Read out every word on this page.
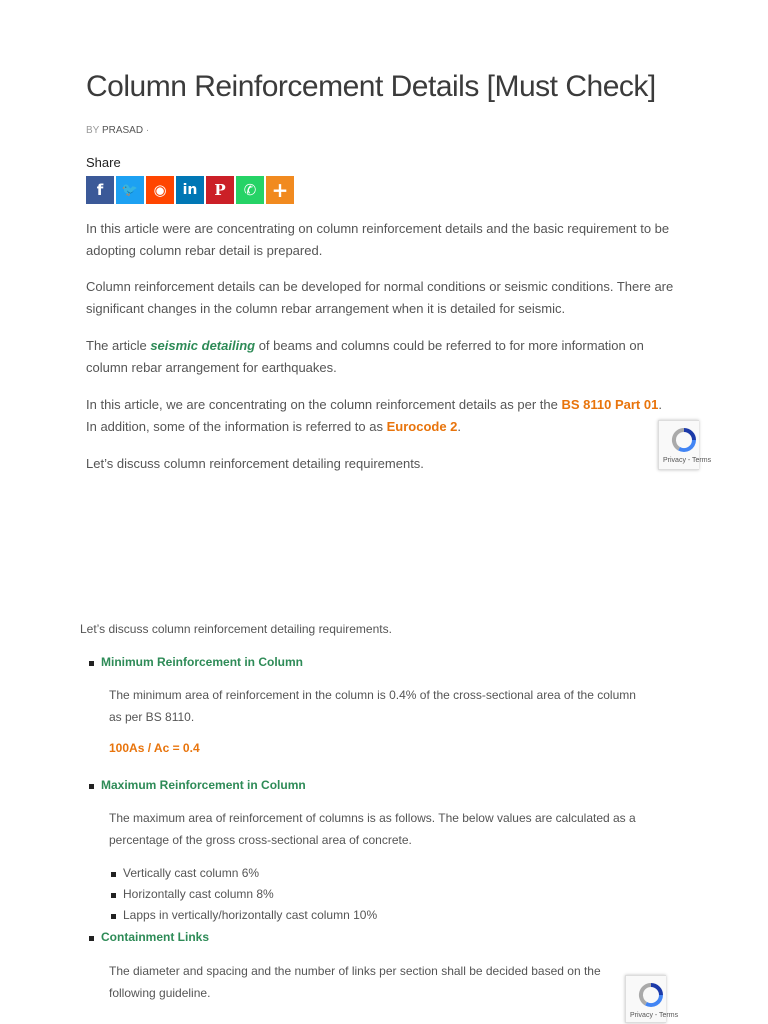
Column Reinforcement Details [Must Check]
BY PRASAD ·
Share
f 🐦 ◉ in P ✆ +

In this article were are concentrating on column reinforcement details and the basic requirement to be adopting column rebar detail is prepared.

Column reinforcement details can be developed for normal conditions or seismic conditions. There are significant changes in the column rebar arrangement when it is detailed for seismic.

The article seismic detailing of beams and columns could be referred to for more information on column rebar arrangement for earthquakes.

In this article, we are concentrating on the column reinforcement details as per the BS 8110 Part 01. In addition, some of the information is referred to as Eurocode 2.

Let’s discuss column reinforcement detailing requirements.	Privacy - Terms

Let’s discuss column reinforcement detailing requirements.

Minimum Reinforcement in Column

The minimum area of reinforcement in the column is 0.4% of the cross-sectional area of the column as per BS 8110.

100As / Ac = 0.4
Maximum Reinforcement in Column

The maximum area of reinforcement of columns is as follows. The below values are calculated as a percentage of the gross cross-sectional area of concrete.

Vertically cast column 6%
Horizontally cast column 8%
Lapps in vertically/horizontally cast column 10%
Containment Links

The diameter and spacing and the number of links per section shall be decided based on the following guideline.

Privacy - Terms
